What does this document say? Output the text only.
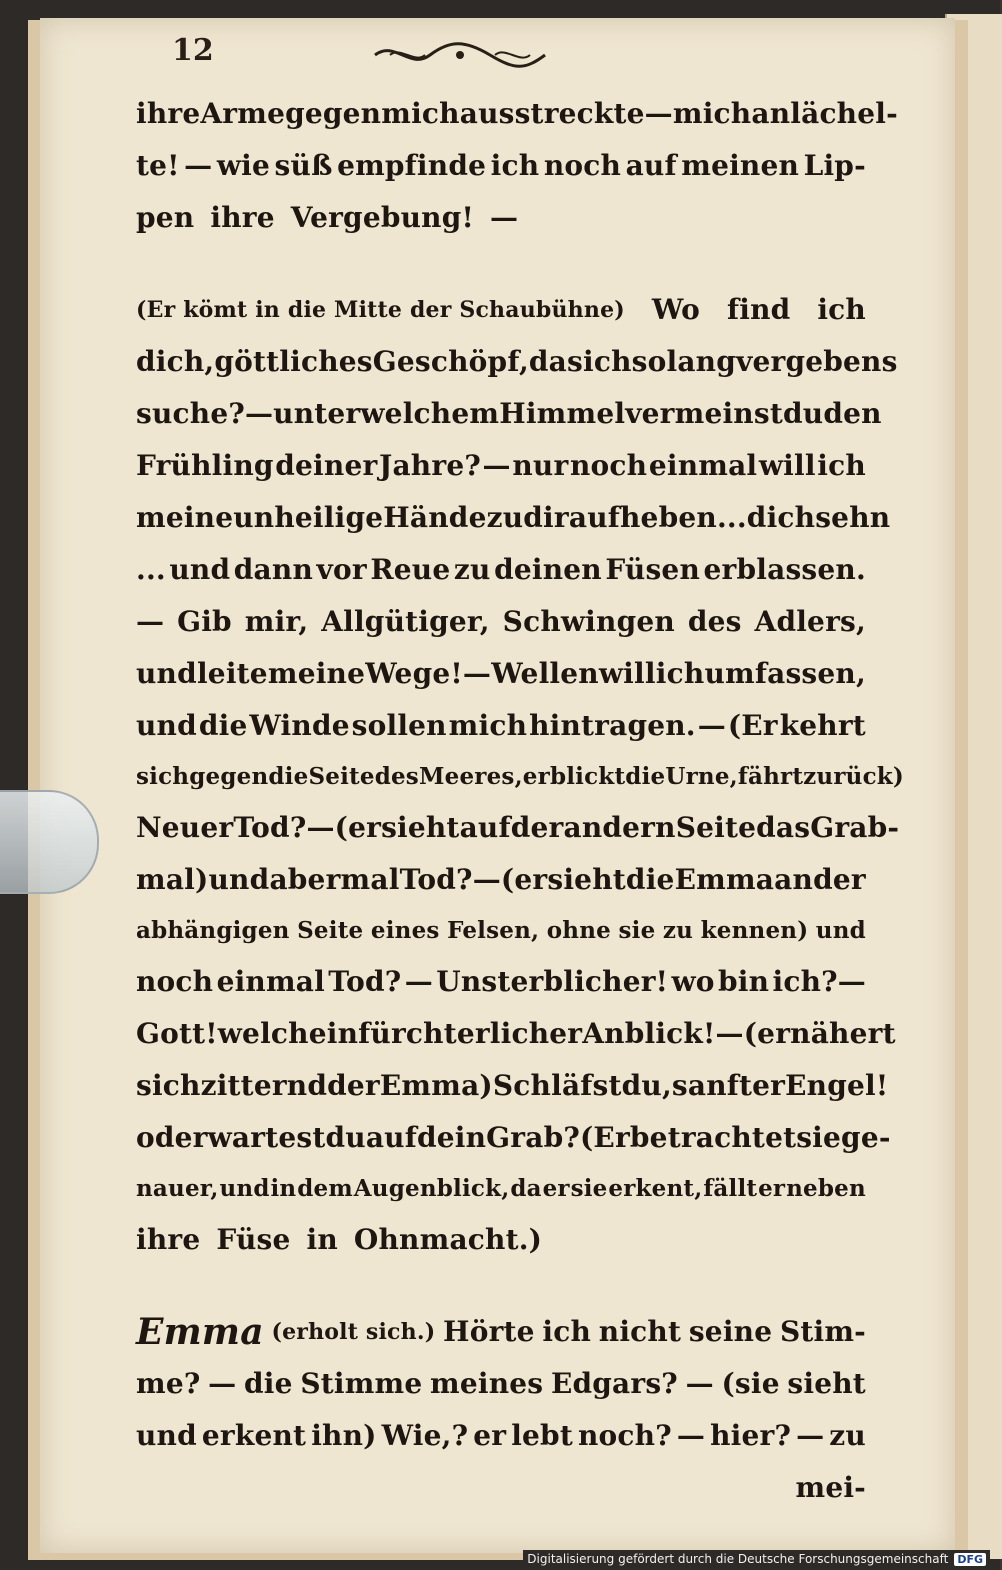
12
ihre Arme gegen mich ausstreckte — mich anlächel-
te! — wie süß empfinde ich noch auf meinen Lip-
pen ihre Vergebung! —
(Er kömt in die Mitte der Schaubühne) Wo find ich
dich, göttliches Geschöpf, das ich so lang vergebens
suche? — unter welchem Himmel vermeinst du den
Frühling deiner Jahre? — nur noch einmal will ich
meine unheilige Hände zu dir aufheben ... dich sehn
... und dann vor Reue zu deinen Füsen erblassen.
— Gib mir, Allgütiger, Schwingen des Adlers,
und leite meine Wege! — Wellen will ich umfassen,
und die Winde sollen mich hintragen. — (Er kehrt
sich gegen die Seite des Meeres, erblickt die Urne, fährt zurück)
Neuer Tod? — (er sieht auf der andern Seite das Grab-
mal) und abermal Tod? — (er sieht die Emma an der
abhängigen Seite eines Felsen, ohne sie zu kennen) und
noch einmal Tod? — Unsterblicher! wo bin ich?—
Gott! welch ein fürchterlicher Anblick! — (er nähert
sich zitternd der Emma) Schläfst du, sanfter Engel!
oder wartest du auf dein Grab? (Er betrachtet sie ge-
nauer, und in dem Augenblick, da er sie erkent, fällt er neben
ihre Füse in Ohnmacht.)
Emma (erholt sich.) Hörte ich nicht seine Stim-
me? — die Stimme meines Edgars? — (sie sieht
und erkent ihn) Wie,? er lebt noch? — hier? — zu
mei-
Digitalisierung gefördert durch die Deutsche Forschungsgemeinschaft DFG
